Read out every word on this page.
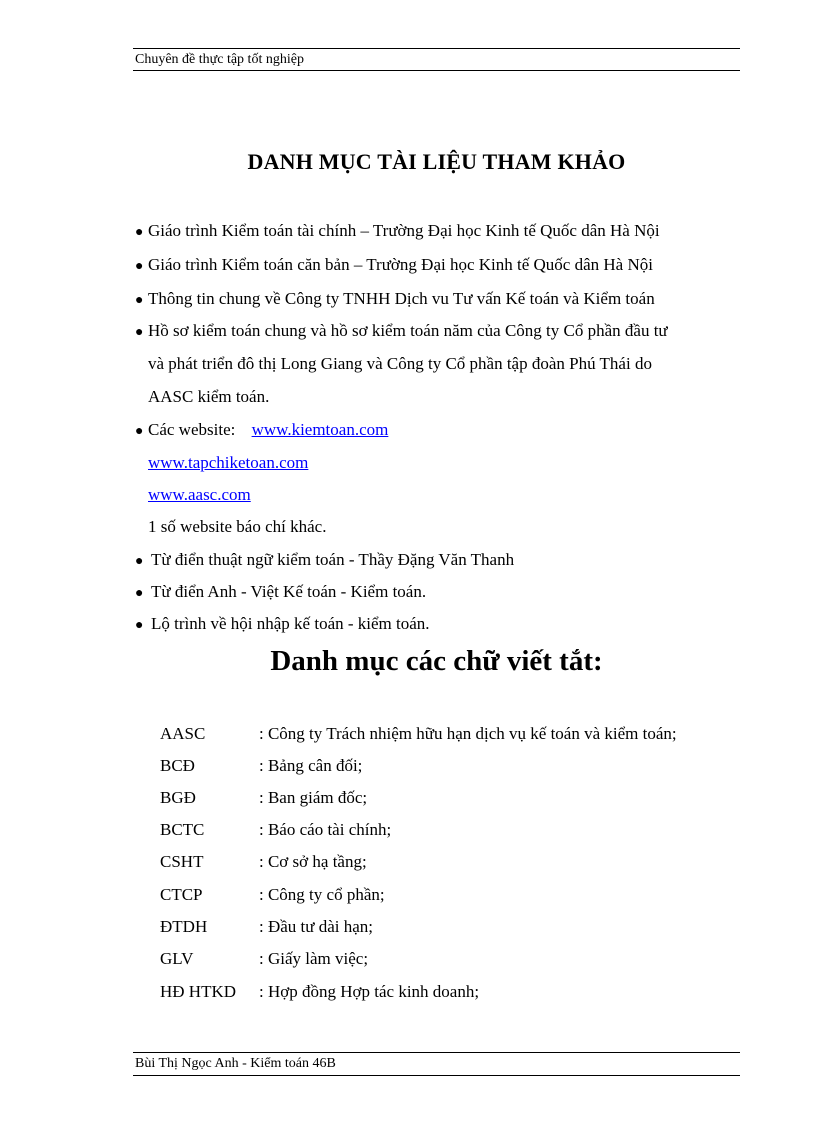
Chuyên đề thực tập tốt nghiệp
DANH MỤC TÀI LIỆU THAM KHẢO
● Giáo trình Kiểm toán tài chính – Trường Đại học Kinh tế Quốc dân Hà Nội
● Giáo trình Kiểm toán căn bản – Trường Đại học Kinh tế Quốc dân Hà Nội
● Thông tin chung về Công ty TNHH Dịch vu Tư vấn Kế toán và Kiểm toán
● Hồ sơ kiểm toán chung và hồ sơ kiểm toán năm của Công ty Cổ phần đầu tư
và phát triển đô thị Long Giang và Công ty Cổ phần tập đoàn Phú Thái do
AASC kiểm toán.
● Các website: www.kiemtoan.com
www.tapchiketoan.com
www.aasc.com
1 số website báo chí khác.
● Từ điển thuật ngữ kiểm toán - Thầy Đặng Văn Thanh
● Từ điển Anh - Việt Kế toán - Kiểm toán.
● Lộ trình về hội nhập kế toán - kiểm toán.
Danh mục các chữ viết tắt:
AASC	: Công ty Trách nhiệm hữu hạn dịch vụ kế toán và kiểm toán;
BCĐ	: Bảng cân đối;
BGĐ	: Ban giám đốc;
BCTC	: Báo cáo tài chính;
CSHT	: Cơ sở hạ tầng;
CTCP	: Công ty cổ phần;
ĐTDH	: Đầu tư dài hạn;
GLV	: Giấy làm việc;
HĐ HTKD : Hợp đồng Hợp tác kinh doanh;
Bùi Thị Ngọc Anh - Kiểm toán 46B
